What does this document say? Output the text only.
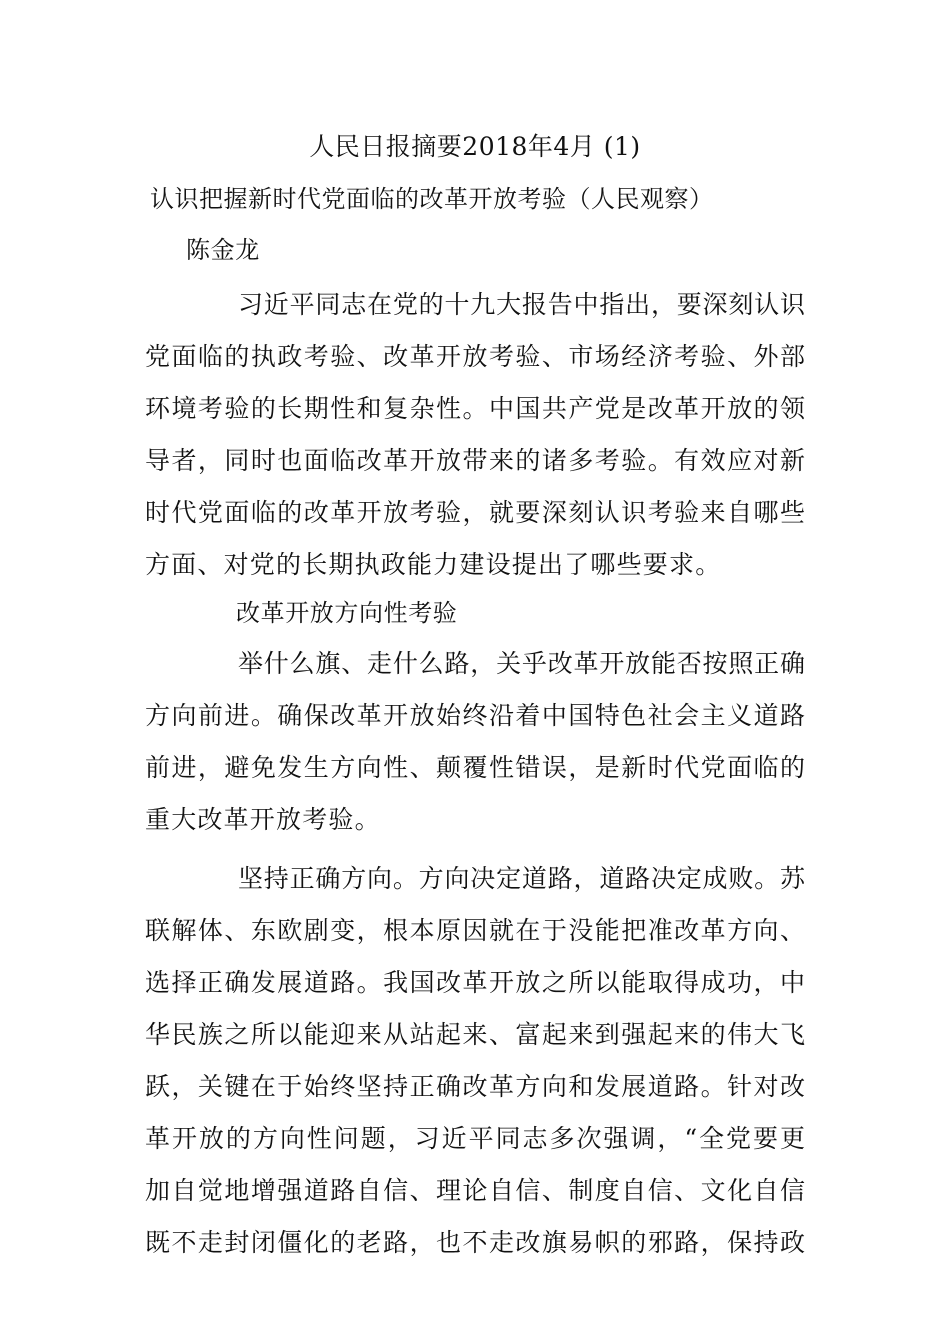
人民日报摘要2018年4月 (1)
认识把握新时代党面临的改革开放考验（人民观察）
陈金龙
习近平同志在党的十九大报告中指出，要深刻认识
党面临的执政考验、改革开放考验、市场经济考验、外部
环境考验的长期性和复杂性。中国共产党是改革开放的领
导者，同时也面临改革开放带来的诸多考验。有效应对新
时代党面临的改革开放考验，就要深刻认识考验来自哪些
方面、对党的长期执政能力建设提出了哪些要求。
改革开放方向性考验
举什么旗、走什么路，关乎改革开放能否按照正确
方向前进。确保改革开放始终沿着中国特色社会主义道路
前进，避免发生方向性、颠覆性错误，是新时代党面临的
重大改革开放考验。
坚持正确方向。方向决定道路，道路决定成败。苏
联解体、东欧剧变，根本原因就在于没能把准改革方向、
选择正确发展道路。我国改革开放之所以能取得成功，中
华民族之所以能迎来从站起来、富起来到强起来的伟大飞
跃，关键在于始终坚持正确改革方向和发展道路。针对改
革开放的方向性问题，习近平同志多次强调，“全党要更
加自觉地增强道路自信、理论自信、制度自信、文化自信
既不走封闭僵化的老路，也不走改旗易帜的邪路，保持政
